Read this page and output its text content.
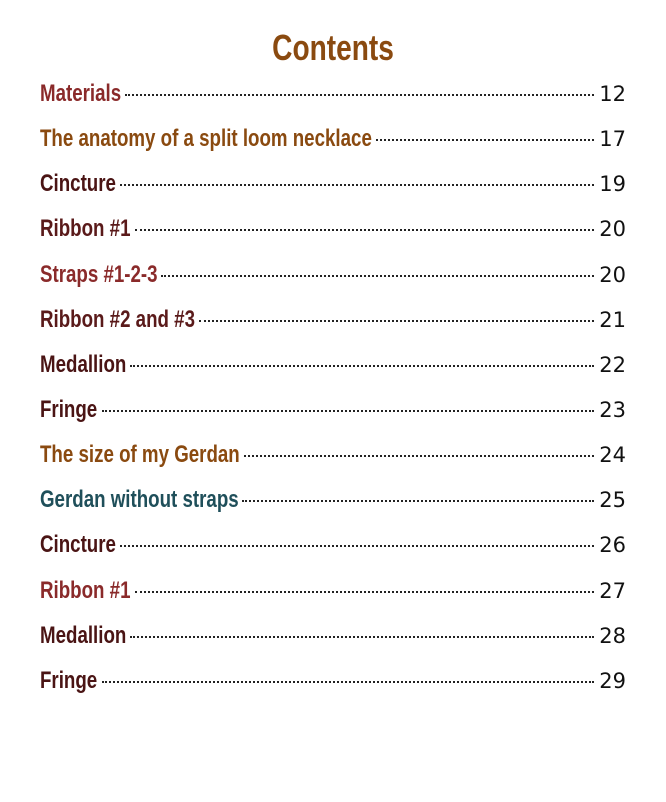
Contents
Materials	12
The anatomy of a split loom necklace	17
Cincture	19
Ribbon #1	20
Straps #1-2-3	20
Ribbon #2 and #3	21
Medallion	22
Fringe	23
The size of my Gerdan	24
Gerdan without straps	25
Cincture	26
Ribbon #1	27
Medallion	28
Fringe	29
